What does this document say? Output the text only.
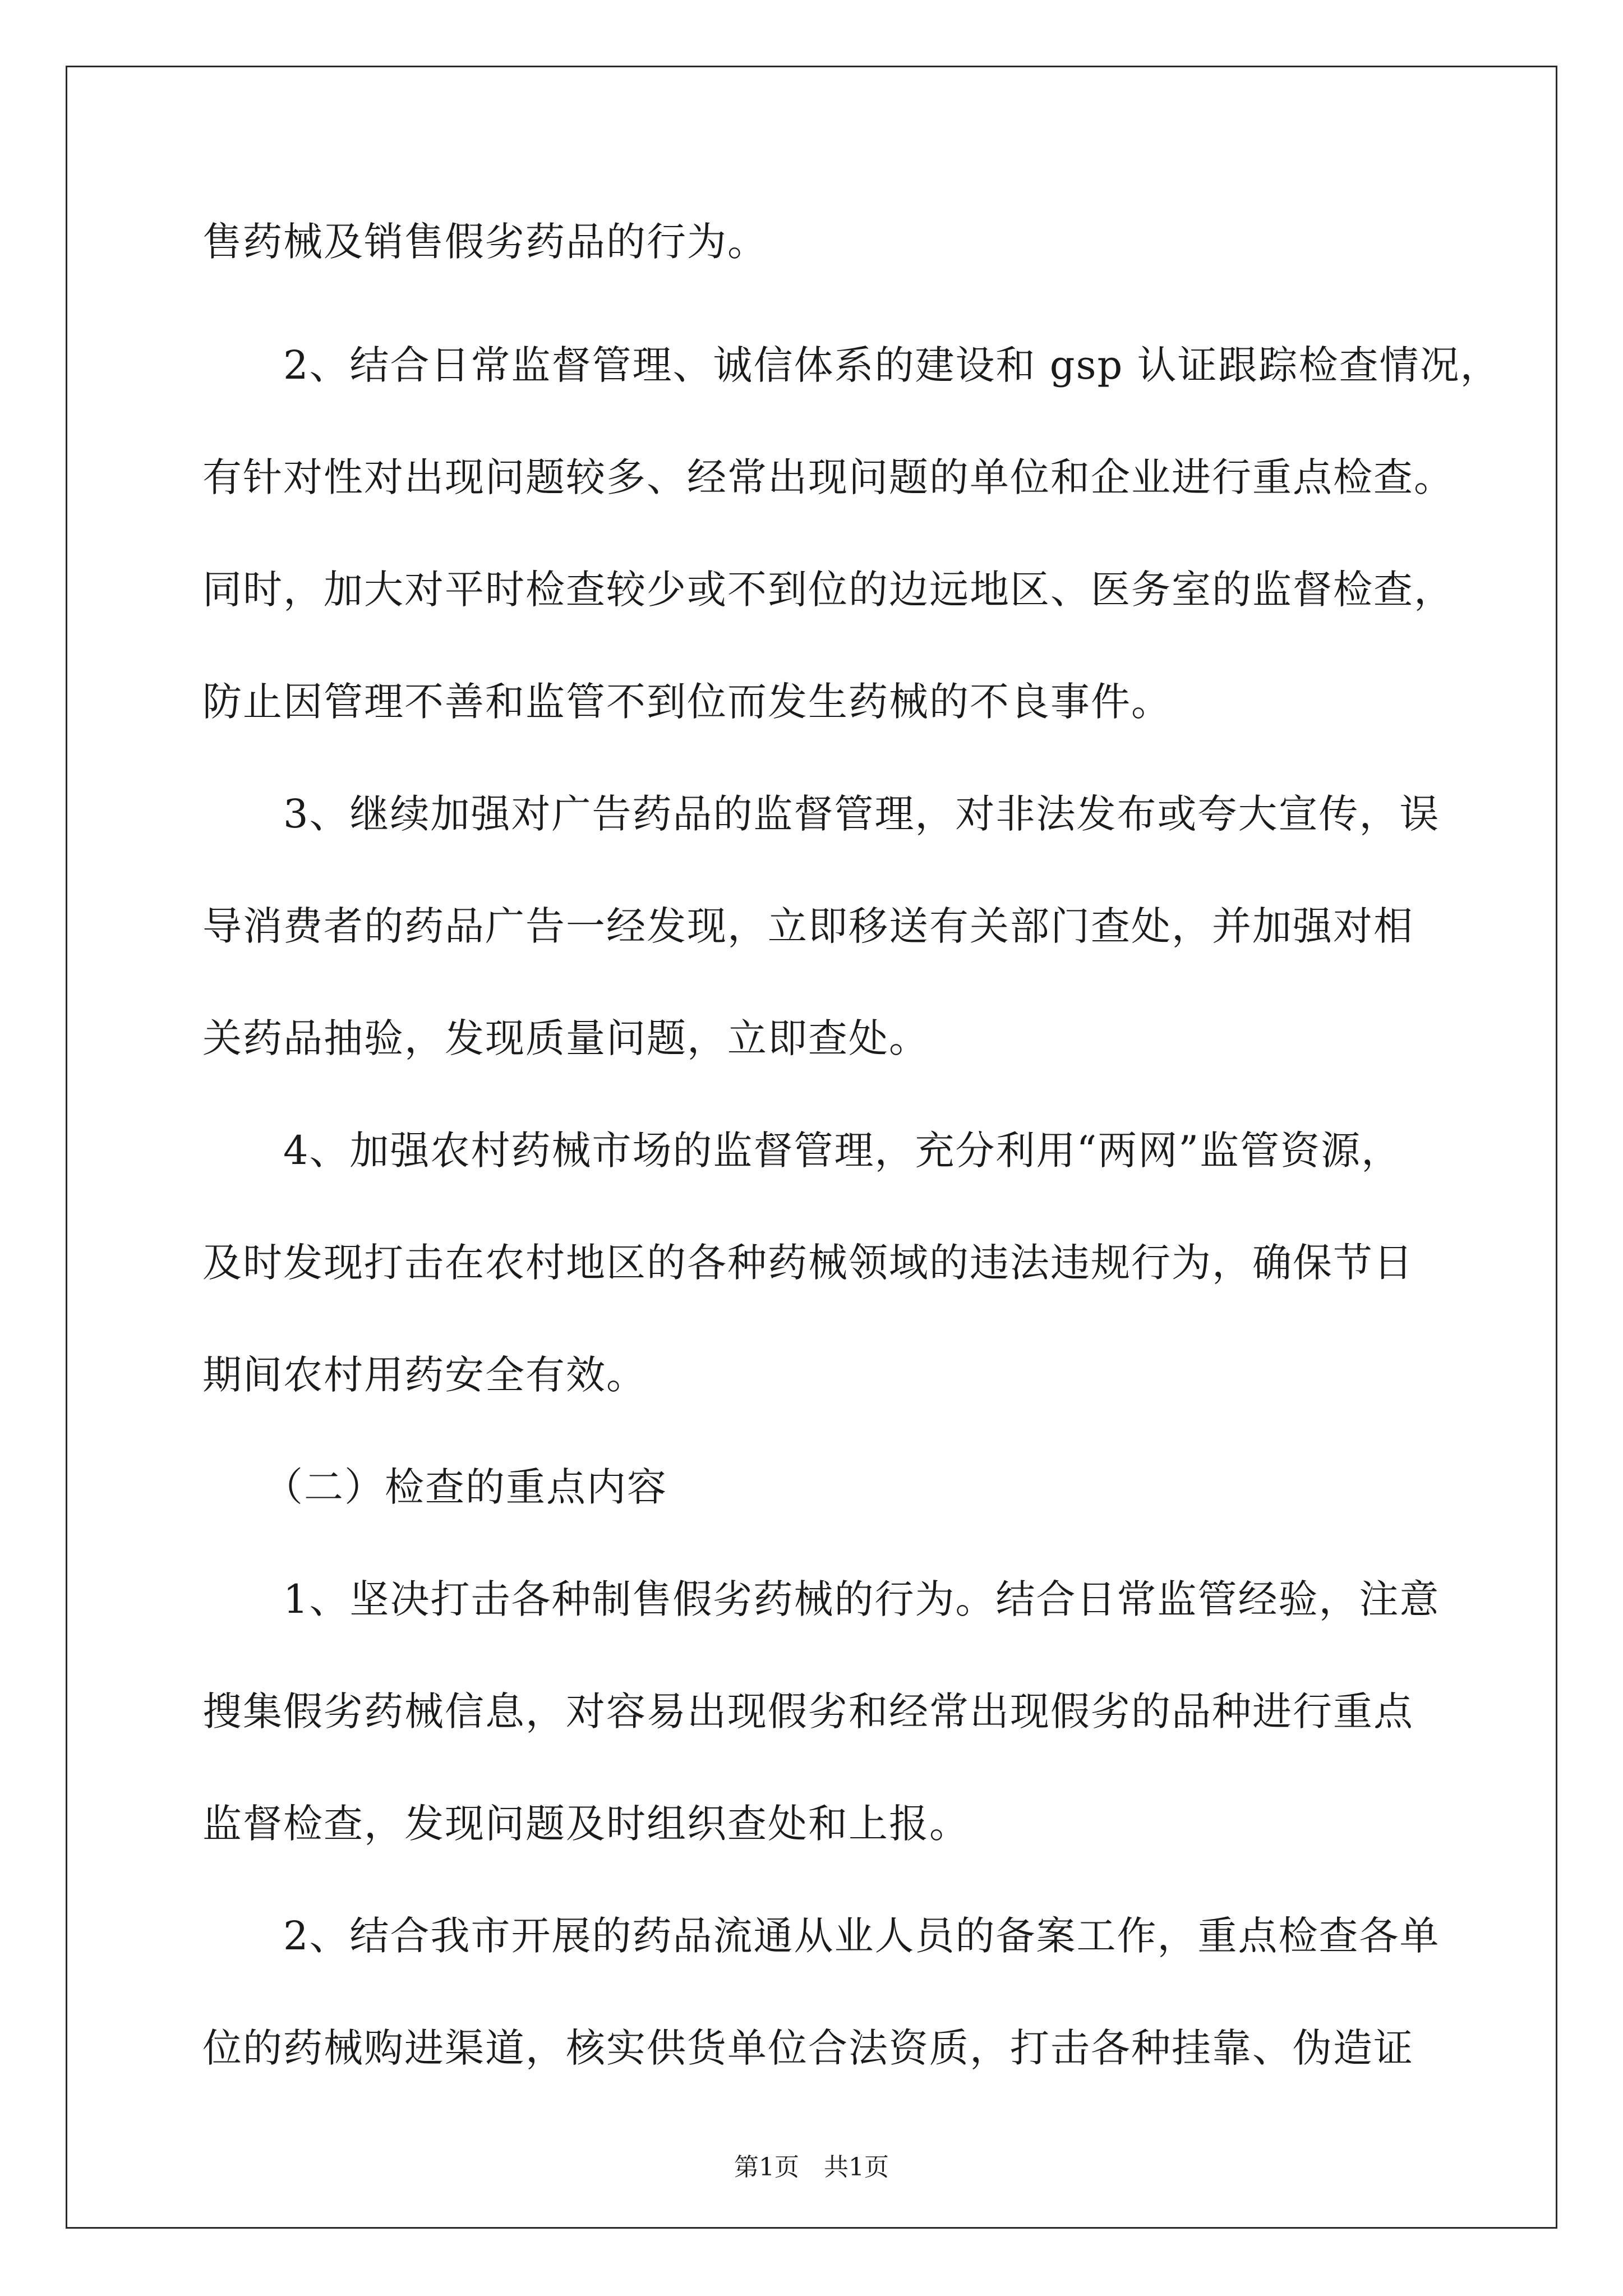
售药械及销售假劣药品的行为。
　　2、结合日常监督管理、诚信体系的建设和 gsp 认证跟踪检查情况，
有针对性对出现问题较多、经常出现问题的单位和企业进行重点检查。
同时，加大对平时检查较少或不到位的边远地区、医务室的监督检查，
防止因管理不善和监管不到位而发生药械的不良事件。
　　3、继续加强对广告药品的监督管理，对非法发布或夸大宣传，误
导消费者的药品广告一经发现，立即移送有关部门查处，并加强对相
关药品抽验，发现质量问题，立即查处。
　　4、加强农村药械市场的监督管理，充分利用“两网”监管资源，
及时发现打击在农村地区的各种药械领域的违法违规行为，确保节日
期间农村用药安全有效。
　　（二）检查的重点内容
　　1、坚决打击各种制售假劣药械的行为。结合日常监管经验，注意
搜集假劣药械信息，对容易出现假劣和经常出现假劣的品种进行重点
监督检查，发现问题及时组织查处和上报。
　　2、结合我市开展的药品流通从业人员的备案工作，重点检查各单
位的药械购进渠道，核实供货单位合法资质，打击各种挂靠、伪造证
第1页　共1页
